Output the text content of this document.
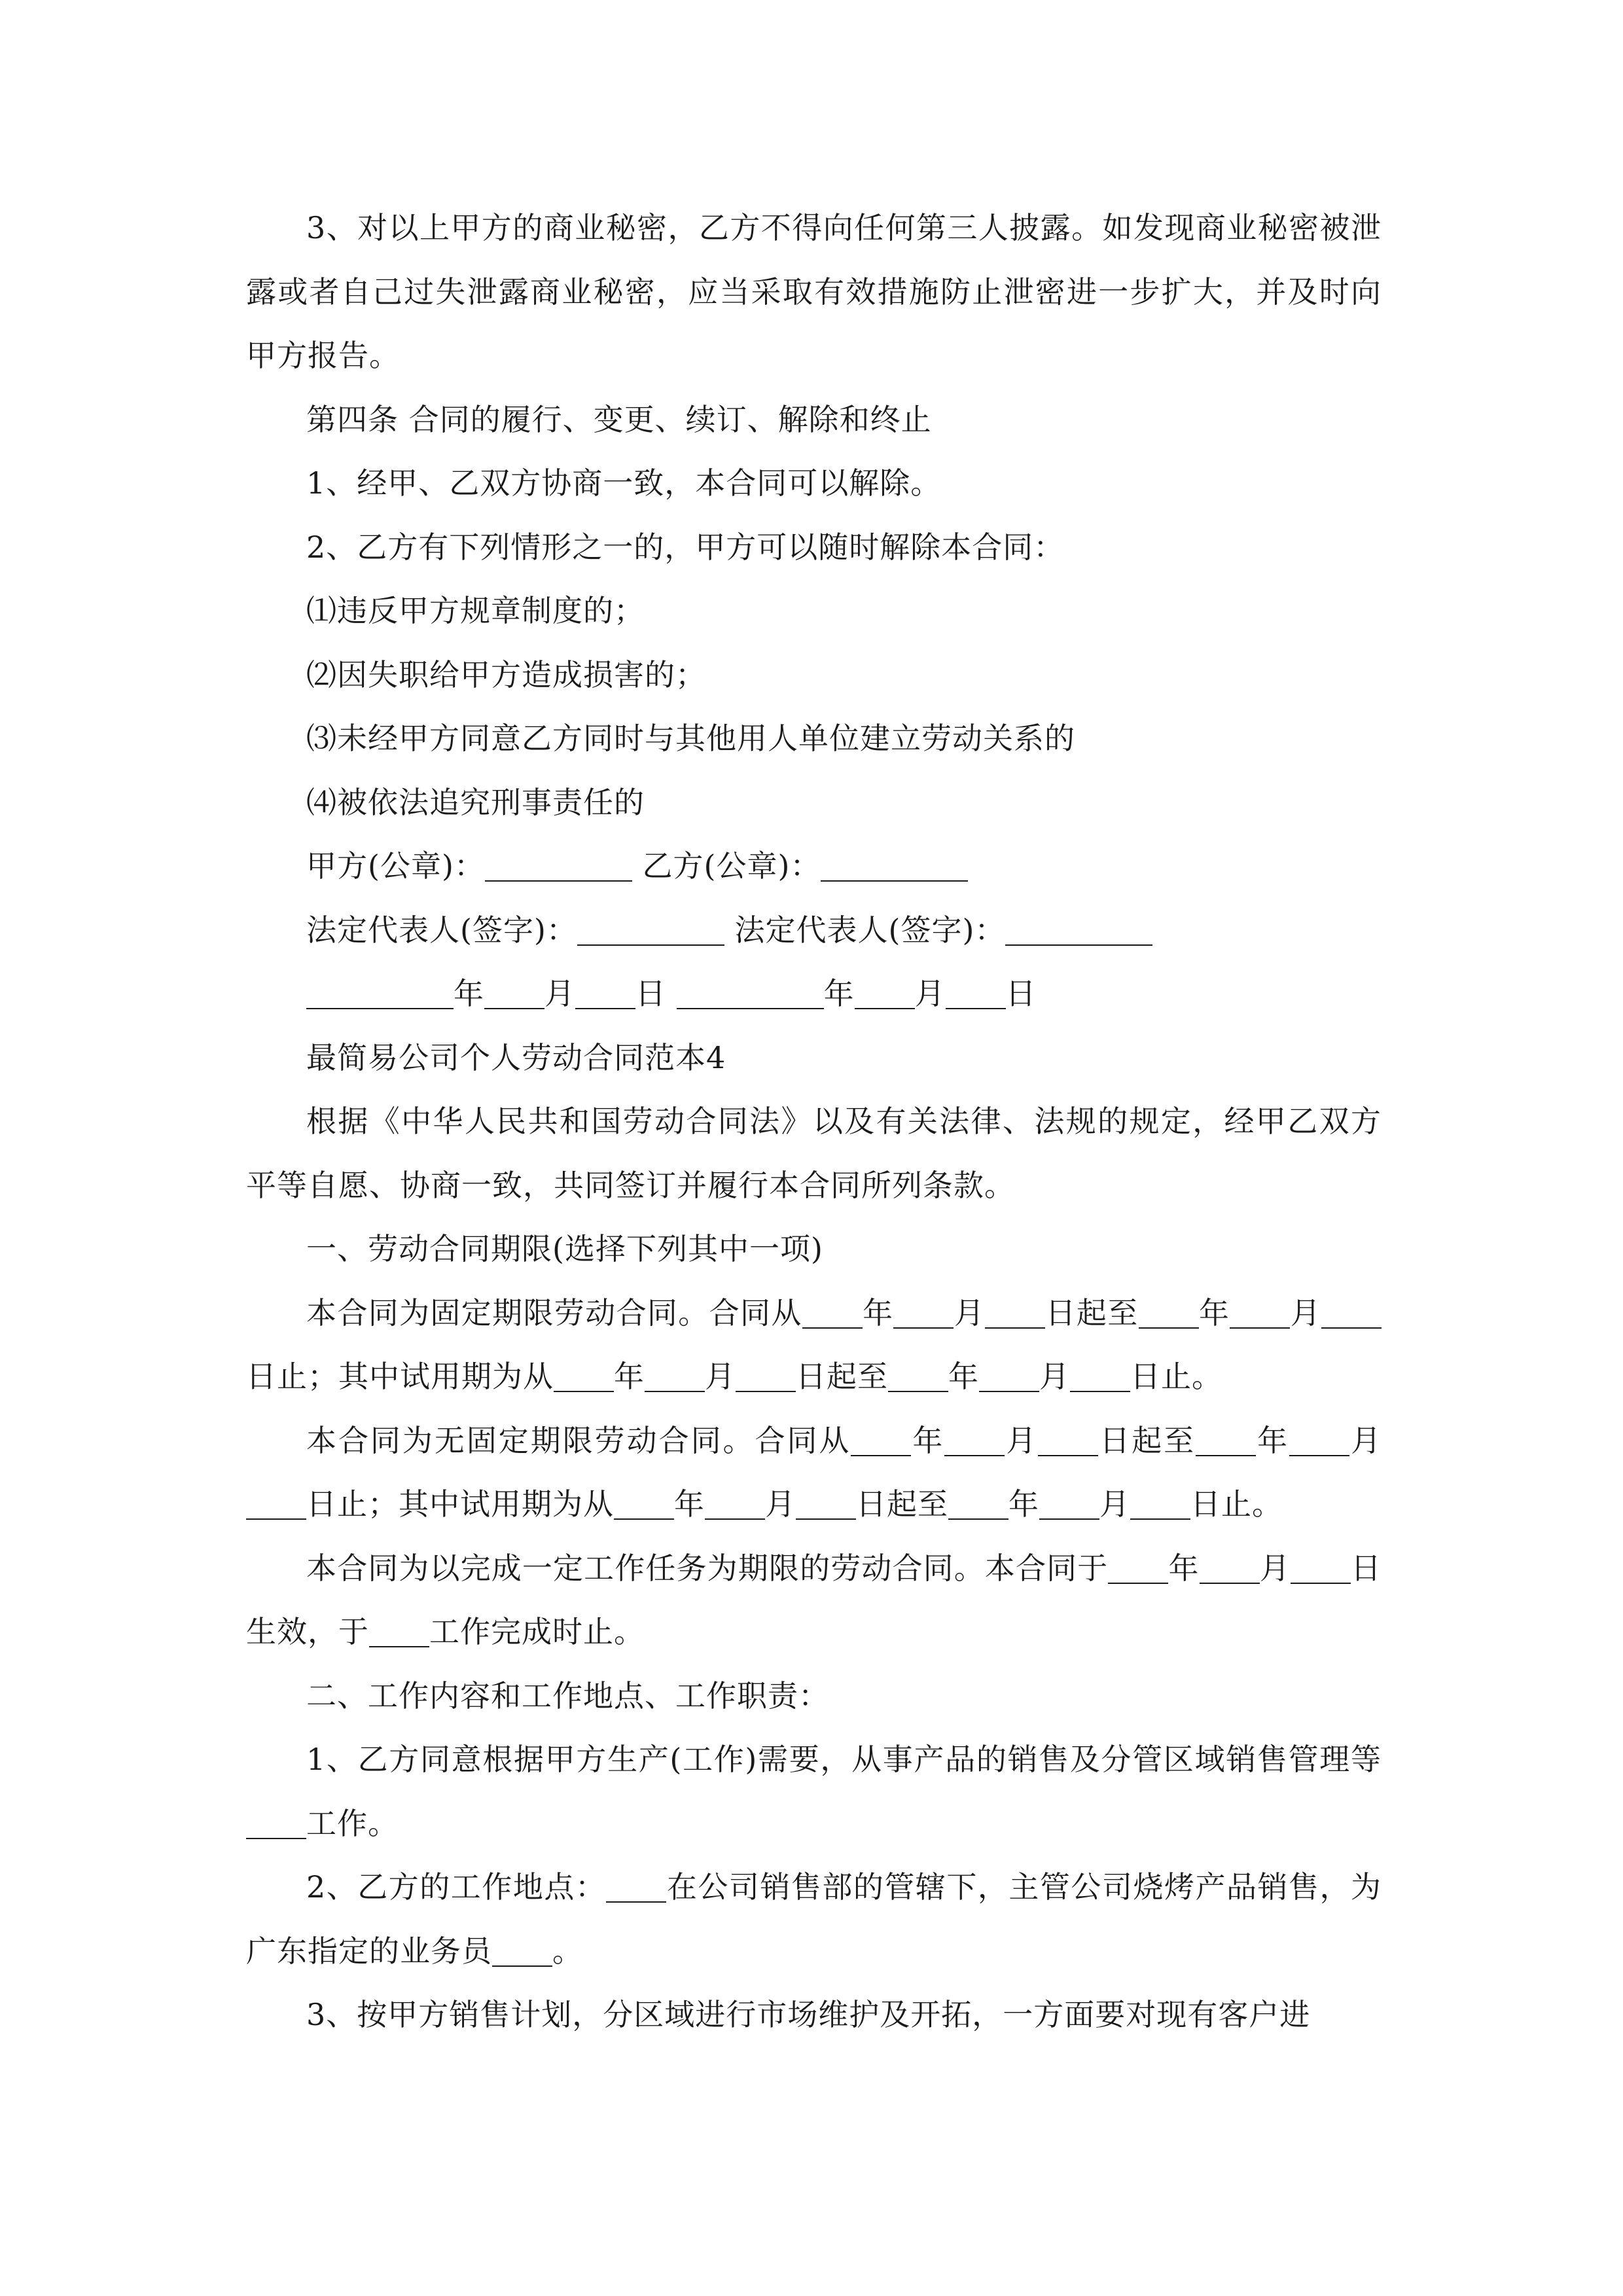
3、对以上甲方的商业秘密，乙方不得向任何第三人披露。如发现商业秘密被泄露或者自己过失泄露商业秘密，应当采取有效措施防止泄密进一步扩大，并及时向甲方报告。

第四条 合同的履行、变更、续订、解除和终止

1、经甲、乙双方协商一致，本合同可以解除。

2、乙方有下列情形之一的，甲方可以随时解除本合同：

⑴违反甲方规章制度的；

⑵因失职给甲方造成损害的；

⑶未经甲方同意乙方同时与其他用人单位建立劳动关系的

⑷被依法追究刑事责任的

甲方(公章)：	乙方(公章)：

法定代表人(签字)：	法定代表人(签字)：

年 月 日	年 月 日

最简易公司个人劳动合同范本4

根据《中华人民共和国劳动合同法》以及有关法律、法规的规定，经甲乙双方平等自愿、协商一致，共同签订并履行本合同所列条款。

一、劳动合同期限(选择下列其中一项)

本合同为固定期限劳动合同。合同从 年 月 日起至 年 月日止；其中试用期为从 年 月 日起至 年 月 日止。

本合同为无固定期限劳动合同。合同从 年 月 日起至 年 月日止；其中试用期为从 年 月 日起至 年 月 日止。

本合同为以完成一定工作任务为期限的劳动合同。本合同于 年 月 日生效，于 工作完成时止。

二、工作内容和工作地点、工作职责：

1、乙方同意根据甲方生产(工作)需要，从事产品的销售及分管区域销售管理等工作。

2、乙方的工作地点： 在公司销售部的管辖下，主管公司烧烤产品销售，为广东指定的业务员 。

3、按甲方销售计划，分区域进行市场维护及开拓，一方面要对现有客户进
